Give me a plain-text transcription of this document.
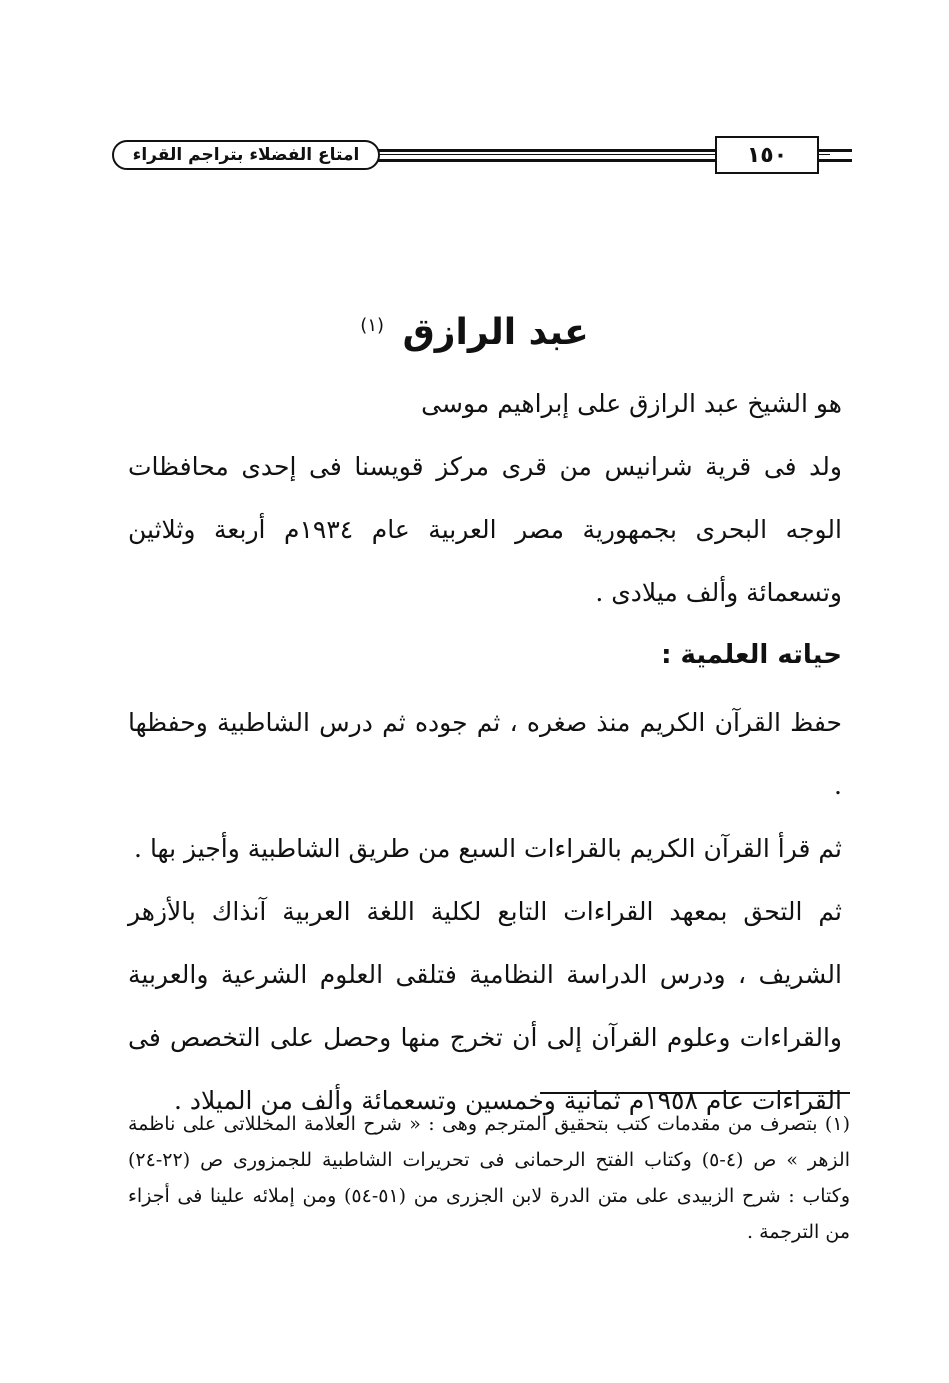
امتاع الفضلاء بتراجم القراء	١٥٠
عبد الرازق $^{(١)}$

هو الشيخ عبد الرازق على إبراهيم موسى

ولد فى قرية شرانيس من قرى مركز قويسنا فى إحدى محافظات الوجه البحرى بجمهورية مصر العربية عام ١٩٣٤م أربعة وثلاثين وتسعمائة وألف ميلادى .

حياته العلمية :

حفظ القرآن الكريم منذ صغره ، ثم جوده ثم درس الشاطبية وحفظها .

ثم قرأ القرآن الكريم بالقراءات السبع من طريق الشاطبية وأجيز بها .

ثم التحق بمعهد القراءات التابع لكلية اللغة العربية آنذاك بالأزهر الشريف ، ودرس الدراسة النظامية فتلقى العلوم الشرعية والعربية والقراءات وعلوم القرآن إلى أن تخرج منها وحصل على التخصص فى القراءات عام ١٩٥٨م ثمانية وخمسين وتسعمائة وألف من الميلاد .

(١) بتصرف من مقدمات كتب بتحقيق المترجم وهى : « شرح العلامة المخللاتى على ناظمة الزهر » ص (٤-٥) وكتاب الفتح الرحمانى فى تحريرات الشاطبية للجمزورى ص (٢٢-٢٤) وكتاب : شرح الزبيدى على متن الدرة لابن الجزرى من (٥١-٥٤) ومن إملائه علينا فى أجزاء من الترجمة .
